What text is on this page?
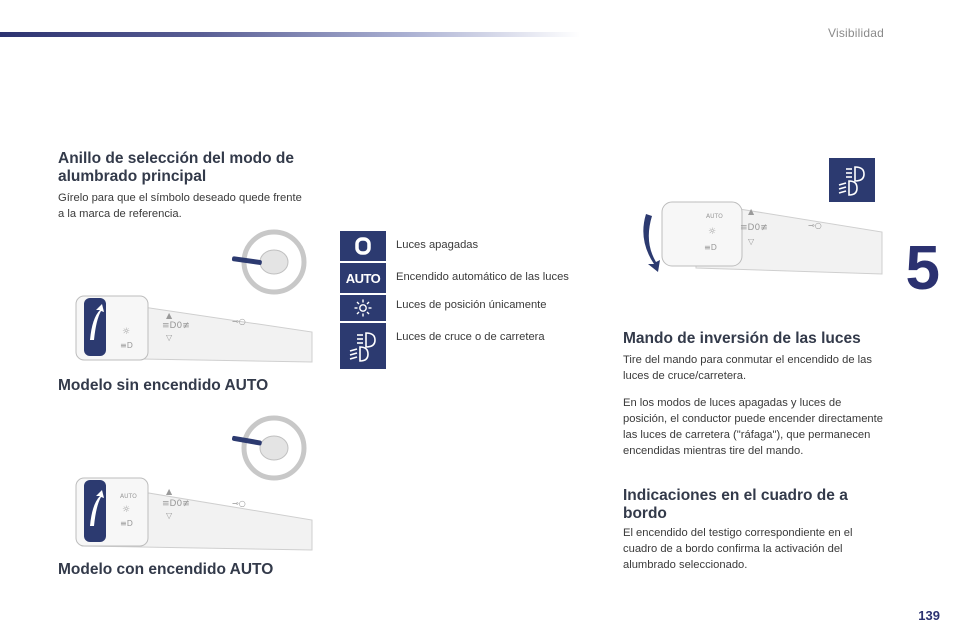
Visibilidad
5
139
Anillo de selección del modo de alumbrado principal

Gírelo para que el símbolo deseado quede frente a la marca de referencia.

▲
≡D0≢
▽
☼
≡D
⊸○
Modelo sin encendido AUTO
AUTO
▲
≡D0≢
▽
☼
≡D
⊸○
Modelo con encendido AUTO
Luces apagadas
AUTO Encendido automático de las luces
Luces de posición únicamente
Luces de cruce o de carretera
AUTO
▲
≡D0≢
▽
☼
≡D
⊸○
Mando de inversión de las luces

Tire del mando para conmutar el encendido de las luces de cruce/carretera.

En los modos de luces apagadas y luces de posición, el conductor puede encender directamente las luces de carretera ("ráfaga"), que permanecen encendidas mientras tire del mando.

Indicaciones en el cuadro de a bordo

El encendido del testigo correspondiente en el cuadro de a bordo confirma la activación del alumbrado seleccionado.
